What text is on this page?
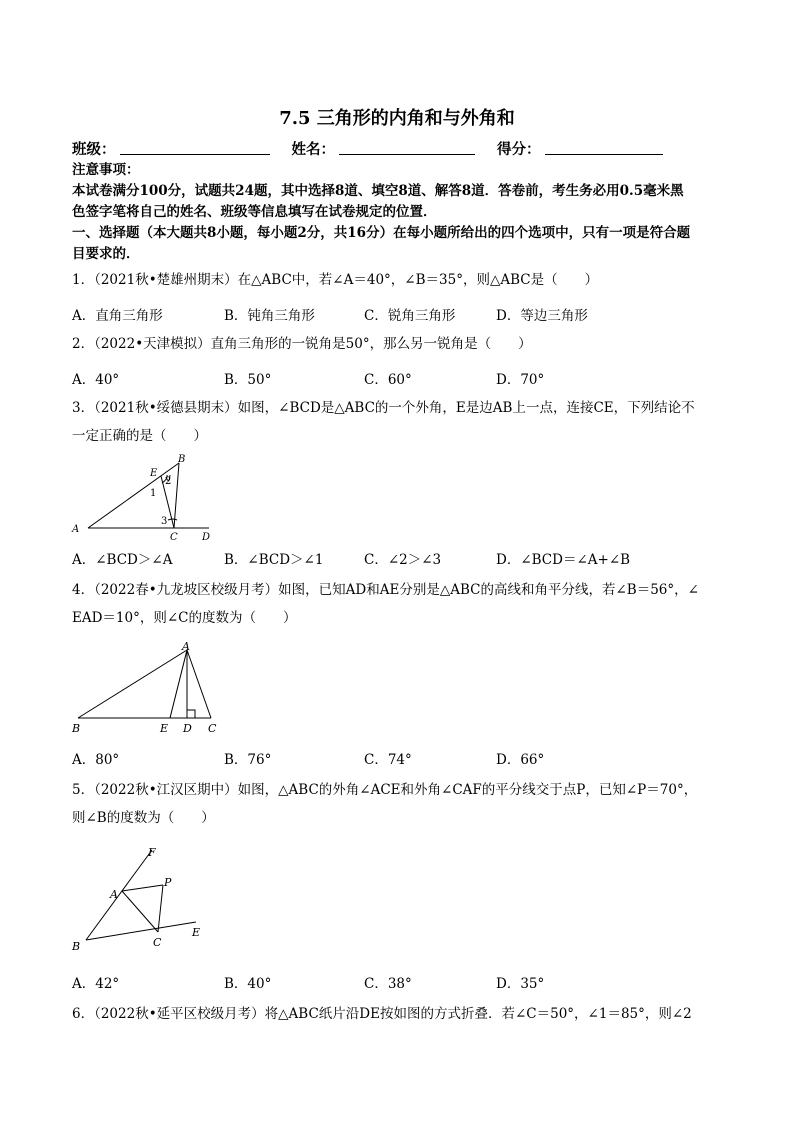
7.5 三角形的内角和与外角和
班级：	姓名：	得分：
注意事项：
本试卷满分100分，试题共24题，其中选择8道、填空8道、解答8道．答卷前，考生务必用0.5毫米黑
色签字笔将自己的姓名、班级等信息填写在试卷规定的位置．
一、选择题（本大题共8小题，每小题2分，共16分）在每小题所给出的四个选项中，只有一项是符合题
目要求的．
1．（2021秋•楚雄州期末）在△ABC中，若∠A＝40°，∠B＝35°，则△ABC是（　　）
A．直角三角形	B．钝角三角形	C．锐角三角形	D．等边三角形
2．（2022•天津模拟）直角三角形的一锐角是50°，那么另一锐角是（　　）
A．40°	B．50°	C．60°	D．70°
3．（2021秋•绥德县期末）如图，∠BCD是△ABC的一个外角，E是边AB上一点，连接CE，下列结论不
一定正确的是（　　）
E
B
1
2
3
A
C D
A．∠BCD＞∠A	B．∠BCD＞∠1	C．∠2＞∠3	D．∠BCD＝∠A+∠B
4．（2022春•九龙坡区校级月考）如图，已知AD和AE分别是△ABC的高线和角平分线，若∠B＝56°，∠
EAD＝10°，则∠C的度数为（　　）
A
B	E D C
A．80°	B．76°	C．74°	D．66°
5．（2022秋•江汉区期中）如图，△ABC的外角∠ACE和外角∠CAF的平分线交于点P，已知∠P＝70°，
则∠B的度数为（　　）
F
A
P
B	C
E
A．42°	B．40°	C．38°	D．35°
6．（2022秋•延平区校级月考）将△ABC纸片沿DE按如图的方式折叠．若∠C＝50°，∠1＝85°，则∠2
